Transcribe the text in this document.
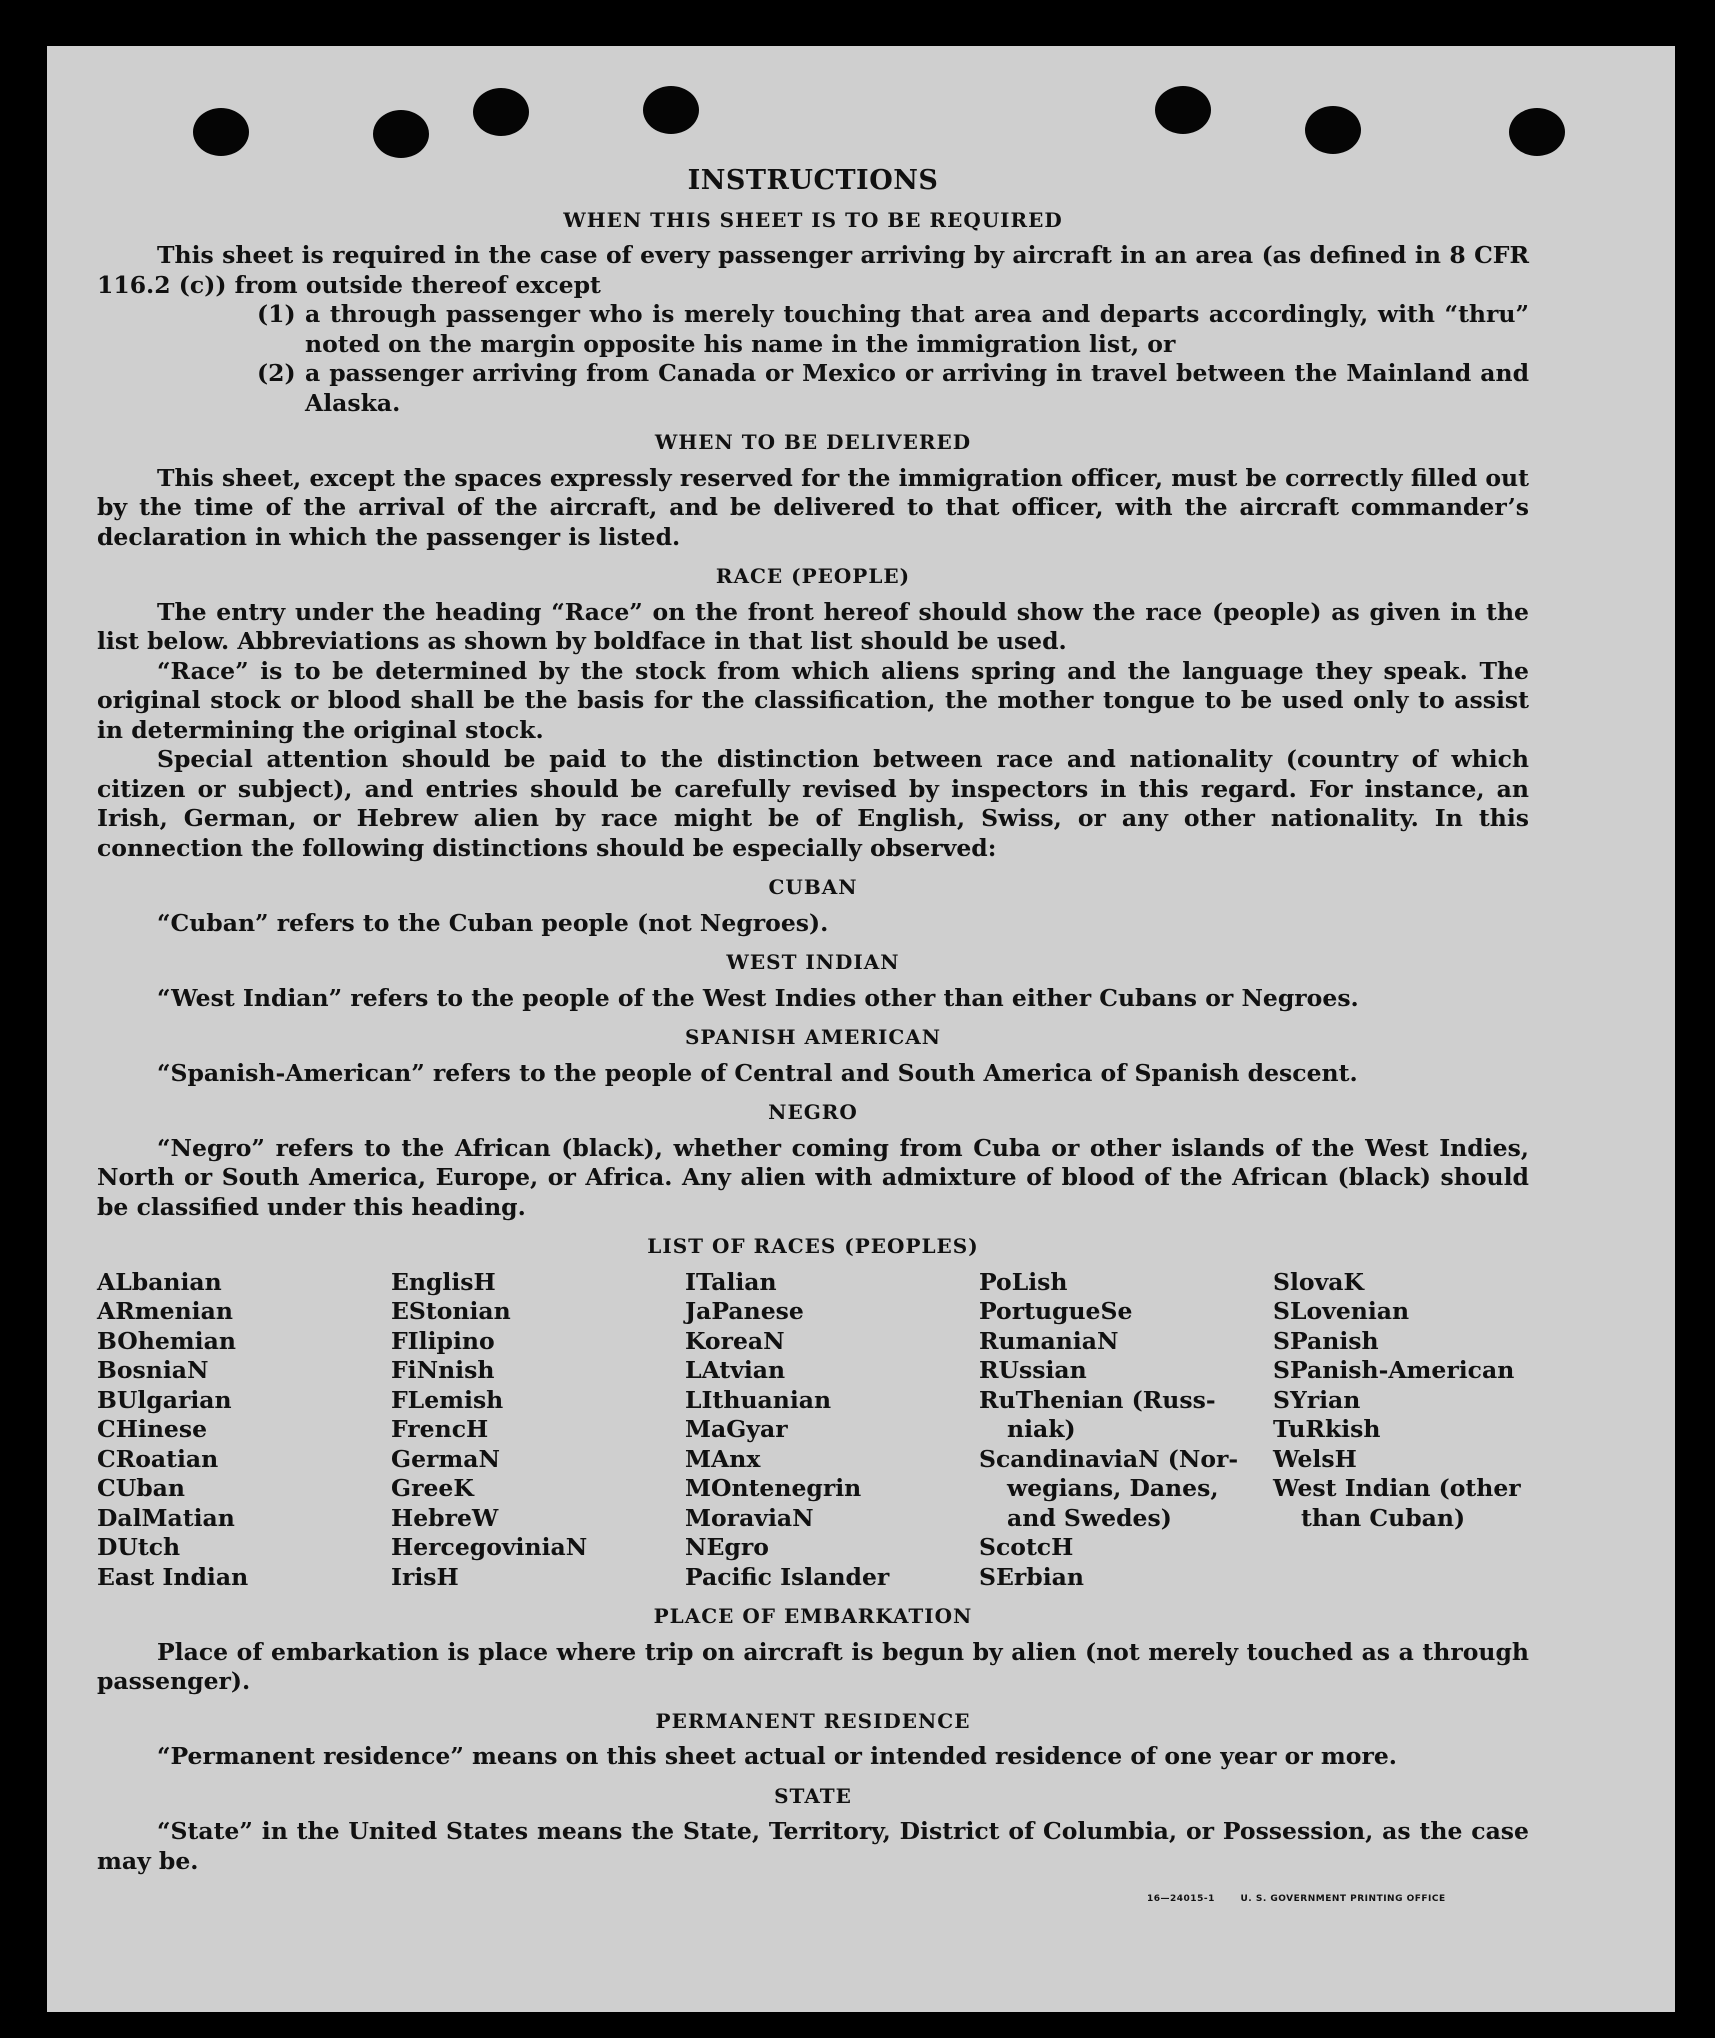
INSTRUCTIONS
WHEN THIS SHEET IS TO BE REQUIRED

This sheet is required in the case of every passenger arriving by aircraft in an area (as defined in 8 CFR 116.2 (c)) from outside thereof except

(1) a through passenger who is merely touching that area and departs accordingly, with “thru” noted on the margin opposite his name in the immigration list, or

(2) a passenger arriving from Canada or Mexico or arriving in travel between the Mainland and Alaska.

WHEN TO BE DELIVERED

This sheet, except the spaces expressly reserved for the immigration officer, must be correctly filled out by the time of the arrival of the aircraft, and be delivered to that officer, with the aircraft commander’s declaration in which the passenger is listed.

RACE (PEOPLE)

The entry under the heading “Race” on the front hereof should show the race (people) as given in the list below. Abbreviations as shown by boldface in that list should be used.

“Race” is to be determined by the stock from which aliens spring and the language they speak. The original stock or blood shall be the basis for the classification, the mother tongue to be used only to assist in determining the original stock.

Special attention should be paid to the distinction between race and nationality (country of which citizen or subject), and entries should be carefully revised by inspectors in this regard. For instance, an Irish, German, or Hebrew alien by race might be of English, Swiss, or any other nationality. In this connection the following distinctions should be especially observed:

CUBAN

“Cuban” refers to the Cuban people (not Negroes).

WEST INDIAN

“West Indian” refers to the people of the West Indies other than either Cubans or Negroes.

SPANISH AMERICAN

“Spanish-American” refers to the people of Central and South America of Spanish descent.

NEGRO

“Negro” refers to the African (black), whether coming from Cuba or other islands of the West Indies, North or South America, Europe, or Africa. Any alien with admixture of blood of the African (black) should be classified under this heading.

LIST OF RACES (PEOPLES)
ALbanian
ARmenian
BOhemian
BosniaN
BUlgarian
CHinese
CRoatian
CUban
DalMatian
DUtch
East Indian
EnglisH
EStonian
FIlipino
FiNnish
FLemish
FrencH
GermaN
GreeK
HebreW
HercegoviniaN
IrisH
ITalian
JaPanese
KoreaN
LAtvian
LIthuanian
MaGyar
MAnx
MOntenegrin
MoraviaN
NEgro
Pacific Islander
PoLish
PortugueSe
RumaniaN
RUssian
RuThenian (Russ-
niak)
ScandinaviaN (Nor-
wegians, Danes,
and Swedes)
ScotcH
SErbian
SlovaK
SLovenian
SPanish
SPanish-American
SYrian
TuRkish
WelsH
West Indian (other
than Cuban)
PLACE OF EMBARKATION

Place of embarkation is place where trip on aircraft is begun by alien (not merely touched as a through passenger).

PERMANENT RESIDENCE

“Permanent residence” means on this sheet actual or intended residence of one year or more.

STATE

“State” in the United States means the State, Territory, District of Columbia, or Possession, as the case may be.

16—24015-1	U. S. GOVERNMENT PRINTING OFFICE
